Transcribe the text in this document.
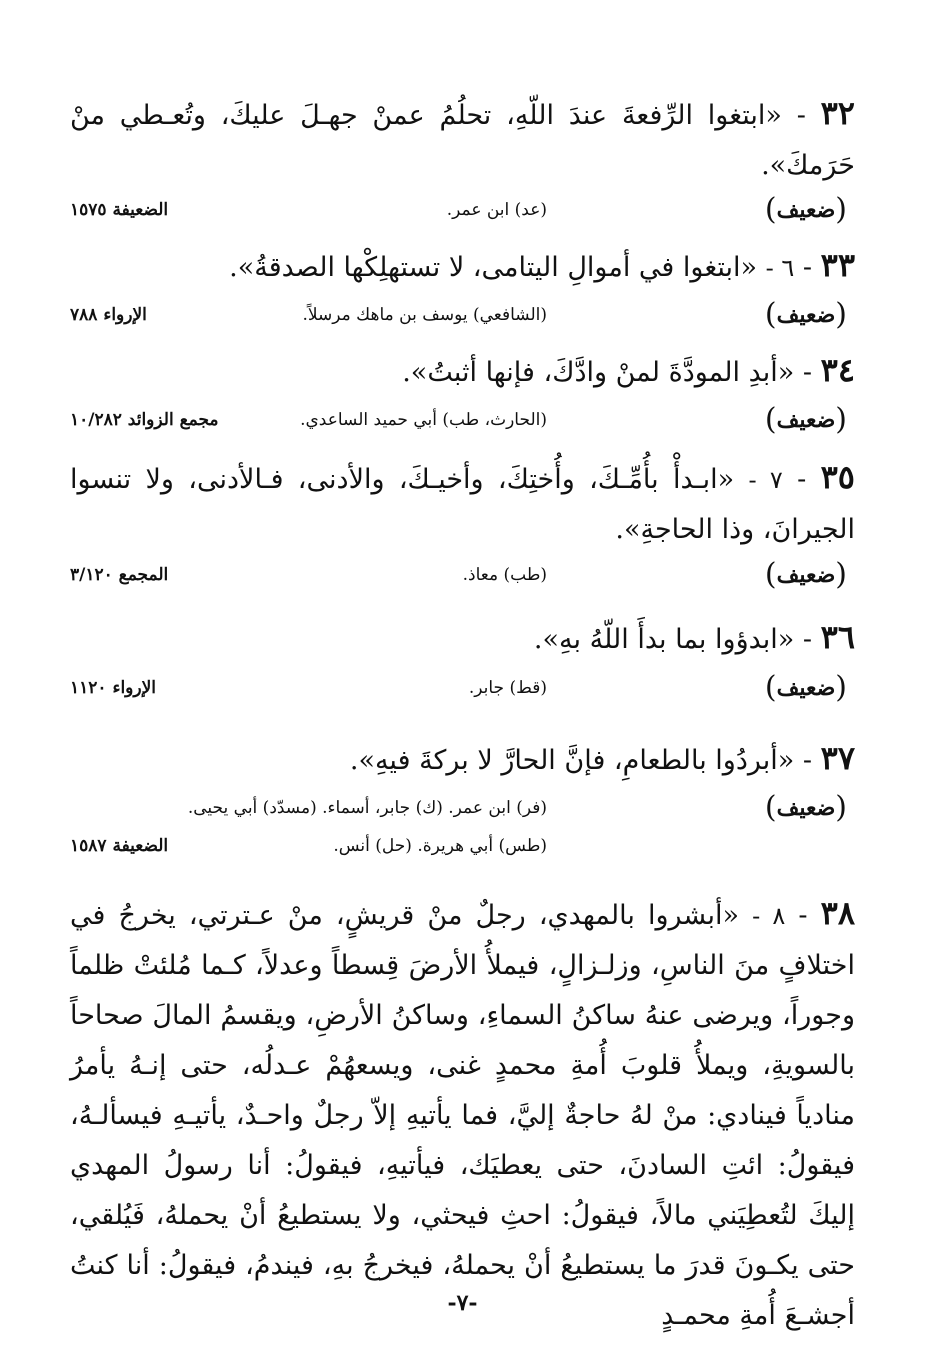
٣٢ - «ابتغوا الرِّفعةَ عندَ اللّهِ، تحلُمُ عمنْ جهـلَ عليكَ، وتُعـطي منْ حَرَمكَ».

(ضعيف)
(عد) ابن عمر.
الضعيفة ١٥٧٥

٣٣ - ٦ - «ابتغوا في أموالِ اليتامى، لا تستهلِكْها الصدقةُ».

(ضعيف)
(الشافعي) يوسف بن ماهك مرسلاً.
الإرواء ٧٨٨

٣٤ - «أبدِ المودَّةَ لمنْ وادَّكَ، فإنها أثبتُ».

(ضعيف)
(الحارث، طب) أبي حميد الساعدي.
مجمع الزوائد ١٠/٢٨٢

٣٥ - ٧ - «ابـدأْ بأُمِّـكَ، وأُختِكَ، وأخيـكَ، والأدنى، فـالأدنى، ولا تنسوا الجيرانَ، وذا الحاجةِ».

(ضعيف)
(طب) معاذ.
المجمع ٣/١٢٠

٣٦ - «ابدؤوا بما بدأَ اللّهُ بهِ».

(ضعيف)
(قط) جابر.
الإرواء ١١٢٠

٣٧ - «أبردُوا بالطعامِ، فإنَّ الحارَّ لا بركةَ فيهِ».

(ضعيف)
(فر) ابن عمر. (ك) جابر، أسماء. (مسدّد) أبي يحيى.
(طس) أبي هريرة. (حل) أنس.
الضعيفة ١٥٨٧

٣٨ - ٨ - «أبشروا بالمهدي، رجلٌ منْ قريشٍ، منْ عـترتي، يخرجُ في اختلافٍ منَ الناسِ، وزلـزالٍ، فيملأُ الأرضَ قِسطاً وعدلاً، كـما مُلئتْ ظلماً وجوراً، ويرضى عنهُ ساكنُ السماءِ، وساكنُ الأرضِ، ويقسمُ المالَ صحاحاً بالسويةِ، ويملأُ قلوبَ أُمةِ محمدٍ غنى، ويسعهُمْ عـدلُه، حتى إنـهُ يأمرُ منادياً فينادي: منْ لهُ حاجةٌ إليَّ، فما يأتيهِ إلاّ رجلٌ واحـدٌ، يأتيـهِ فيسألـهُ، فيقولُ: ائتِ السادنَ، حتى يعطيَك، فيأتيهِ، فيقولُ: أنا رسولُ المهدي إليكَ لتُعطِيَني مالاً، فيقولُ: احثِ فيحثي، ولا يستطيعُ أنْ يحملهُ، فَيُلقي، حتى يكـونَ قدرَ ما يستطيعُ أنْ يحملهُ، فيخرجُ بهِ، فيندمُ، فيقولُ: أنا كنتُ أجشـعَ أُمةِ محمـدٍ

-٧-
